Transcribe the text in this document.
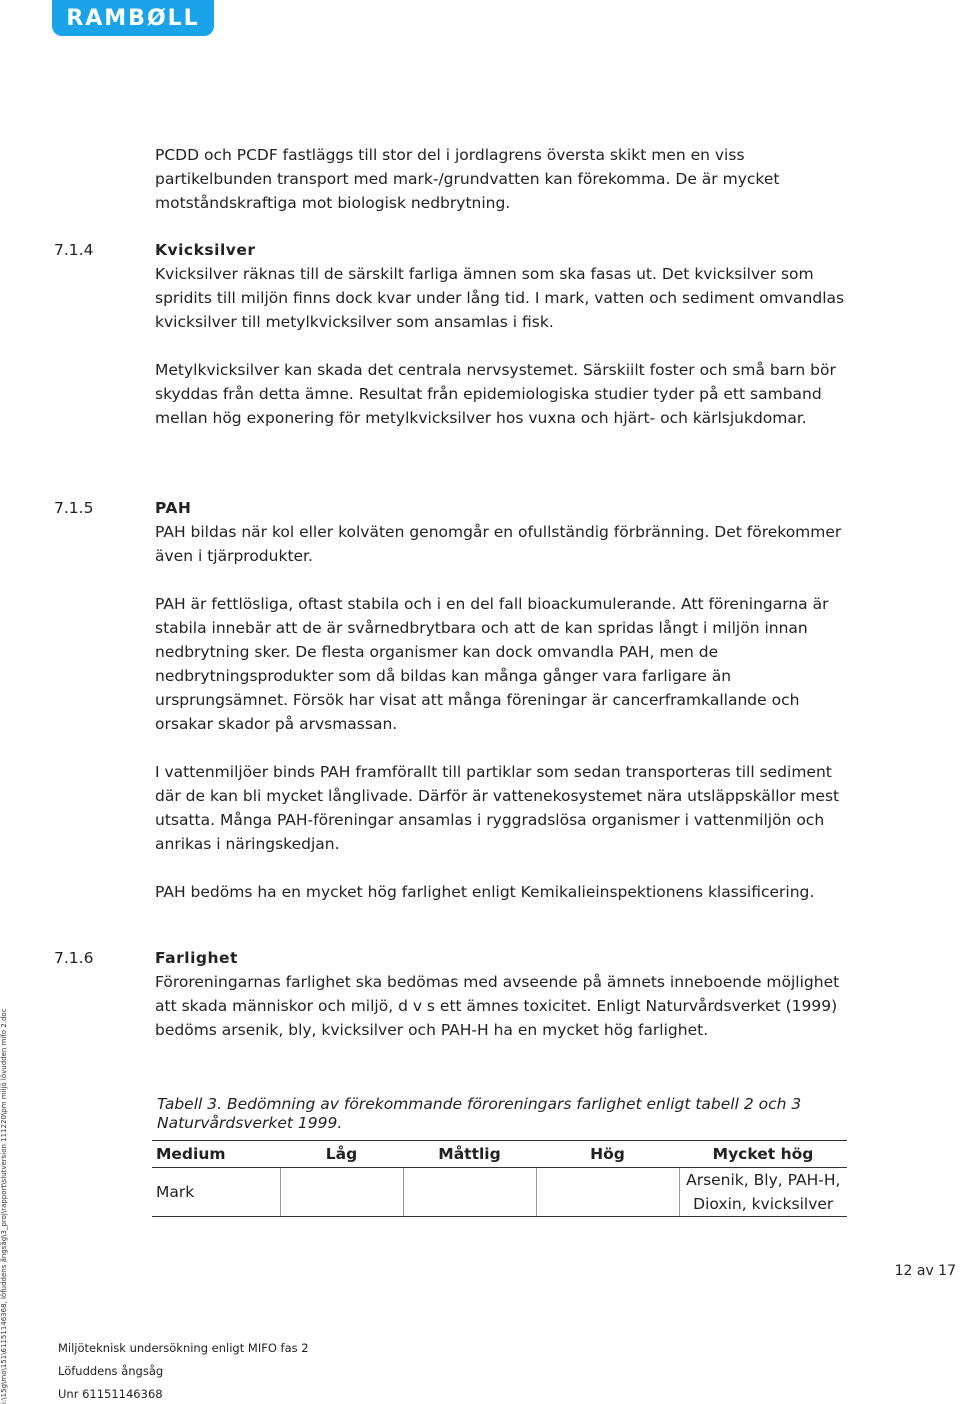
RAMBØLL

PCDD och PCDF fastläggs till stor del i jordlagrens översta skikt men en viss partikelbunden transport med mark-/grundvatten kan förekomma. De är mycket motståndskraftiga mot biologisk nedbrytning.

7.1.4	Kvicksilver

Kvicksilver räknas till de särskilt farliga ämnen som ska fasas ut. Det kvicksilver som spridits till miljön finns dock kvar under lång tid. I mark, vatten och sediment omvandlas kvicksilver till metylkvicksilver som ansamlas i fisk.

Metylkvicksilver kan skada det centrala nervsystemet. Särskiilt foster och små barn bör skyddas från detta ämne. Resultat från epidemiologiska studier tyder på ett samband mellan hög exponering för metylkvicksilver hos vuxna och hjärt- och kärlsjukdomar.

7.1.5	PAH

PAH bildas när kol eller kolväten genomgår en ofullständig förbränning. Det förekommer även i tjärprodukter.

PAH är fettlösliga, oftast stabila och i en del fall bioackumulerande. Att föreningarna är stabila innebär att de är svårnedbrytbara och att de kan spridas långt i miljön innan nedbrytning sker. De flesta organismer kan dock omvandla PAH, men de nedbrytningsprodukter som då bildas kan många gånger vara farligare än ursprungsämnet. Försök har visat att många föreningar är cancerframkallande och orsakar skador på arvsmassan.

I vattenmiljöer binds PAH framförallt till partiklar som sedan transporteras till sediment där de kan bli mycket långlivade. Därför är vattenekosystemet nära utsläppskällor mest utsatta. Många PAH-föreningar ansamlas i ryggradslösa organismer i vattenmiljön och anrikas i näringskedjan.

PAH bedöms ha en mycket hög farlighet enligt Kemikalieinspektionens klassificering.

7.1.6	Farlighet

Föroreningarnas farlighet ska bedömas med avseende på ämnets inneboende möjlighet att skada människor och miljö, d v s ett ämnes toxicitet. Enligt Naturvårdsverket (1999) bedöms arsenik, bly, kvicksilver och PAH-H ha en mycket hög farlighet.

Tabell 3. Bedömning av förekommande föroreningars farlighet enligt tabell 2 och 3 Naturvårdsverket 1999.
Medium	Låg	Måttlig	Hög	Mycket hög
Mark				Arsenik, Bly, PAH-H, Dioxin, kvicksilver
12 av 17
Miljöteknisk undersökning enligt MIFO fas 2
Löfuddens ångsåg
Unr 61151146368
i:\15g\mo\151\61151146368, löfuddens ångsåg\3_proj\rapport\slutversion 111220\pm miljö lövudden mifo 2.doc
